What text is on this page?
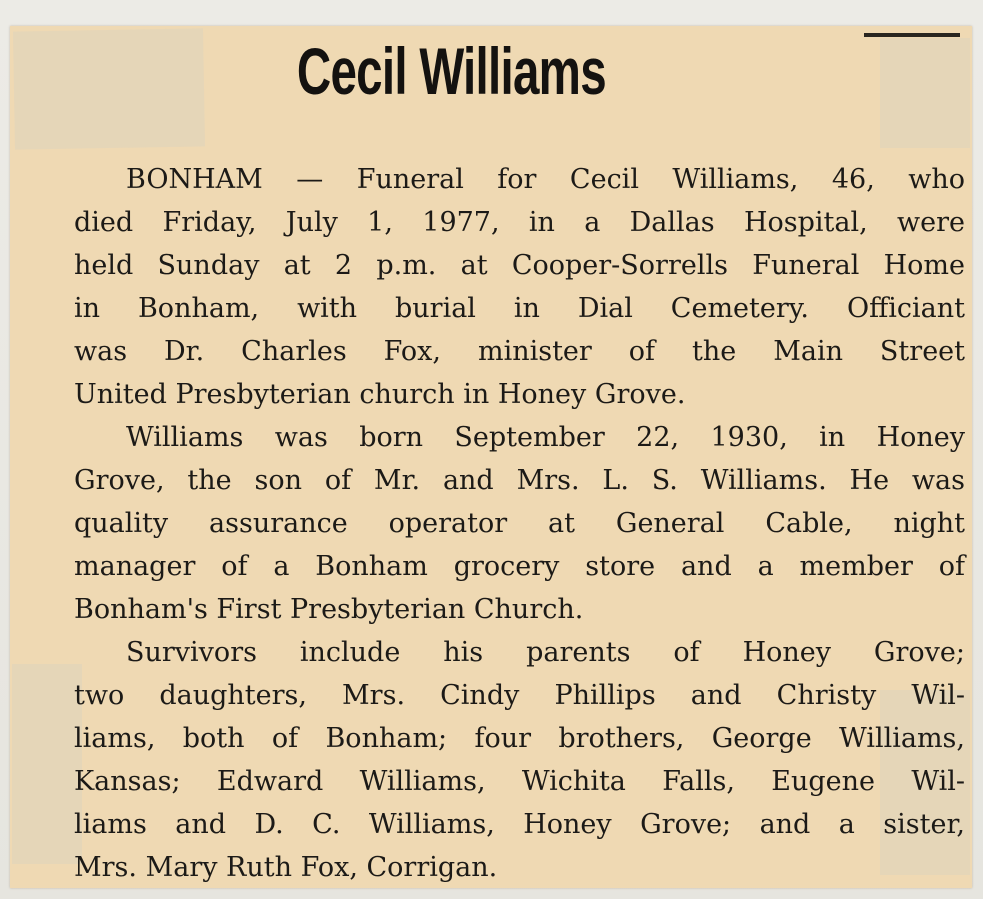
Cecil Williams

BONHAM — Funeral for Cecil Williams, 46, who
died Friday, July 1, 1977, in a Dallas Hospital, were
held Sunday at 2 p.m. at Cooper-Sorrells Funeral Home
in Bonham, with burial in Dial Cemetery. Officiant
was Dr. Charles Fox, minister of the Main Street
United Presbyterian church in Honey Grove.

Williams was born September 22, 1930, in Honey
Grove, the son of Mr. and Mrs. L. S. Williams. He was
quality assurance operator at General Cable, night
manager of a Bonham grocery store and a member of
Bonham's First Presbyterian Church.

Survivors include his parents of Honey Grove;
two daughters, Mrs. Cindy Phillips and Christy Wil-
liams, both of Bonham; four brothers, George Williams,
Kansas; Edward Williams, Wichita Falls, Eugene Wil-
liams and D. C. Williams, Honey Grove; and a sister,
Mrs. Mary Ruth Fox, Corrigan.
